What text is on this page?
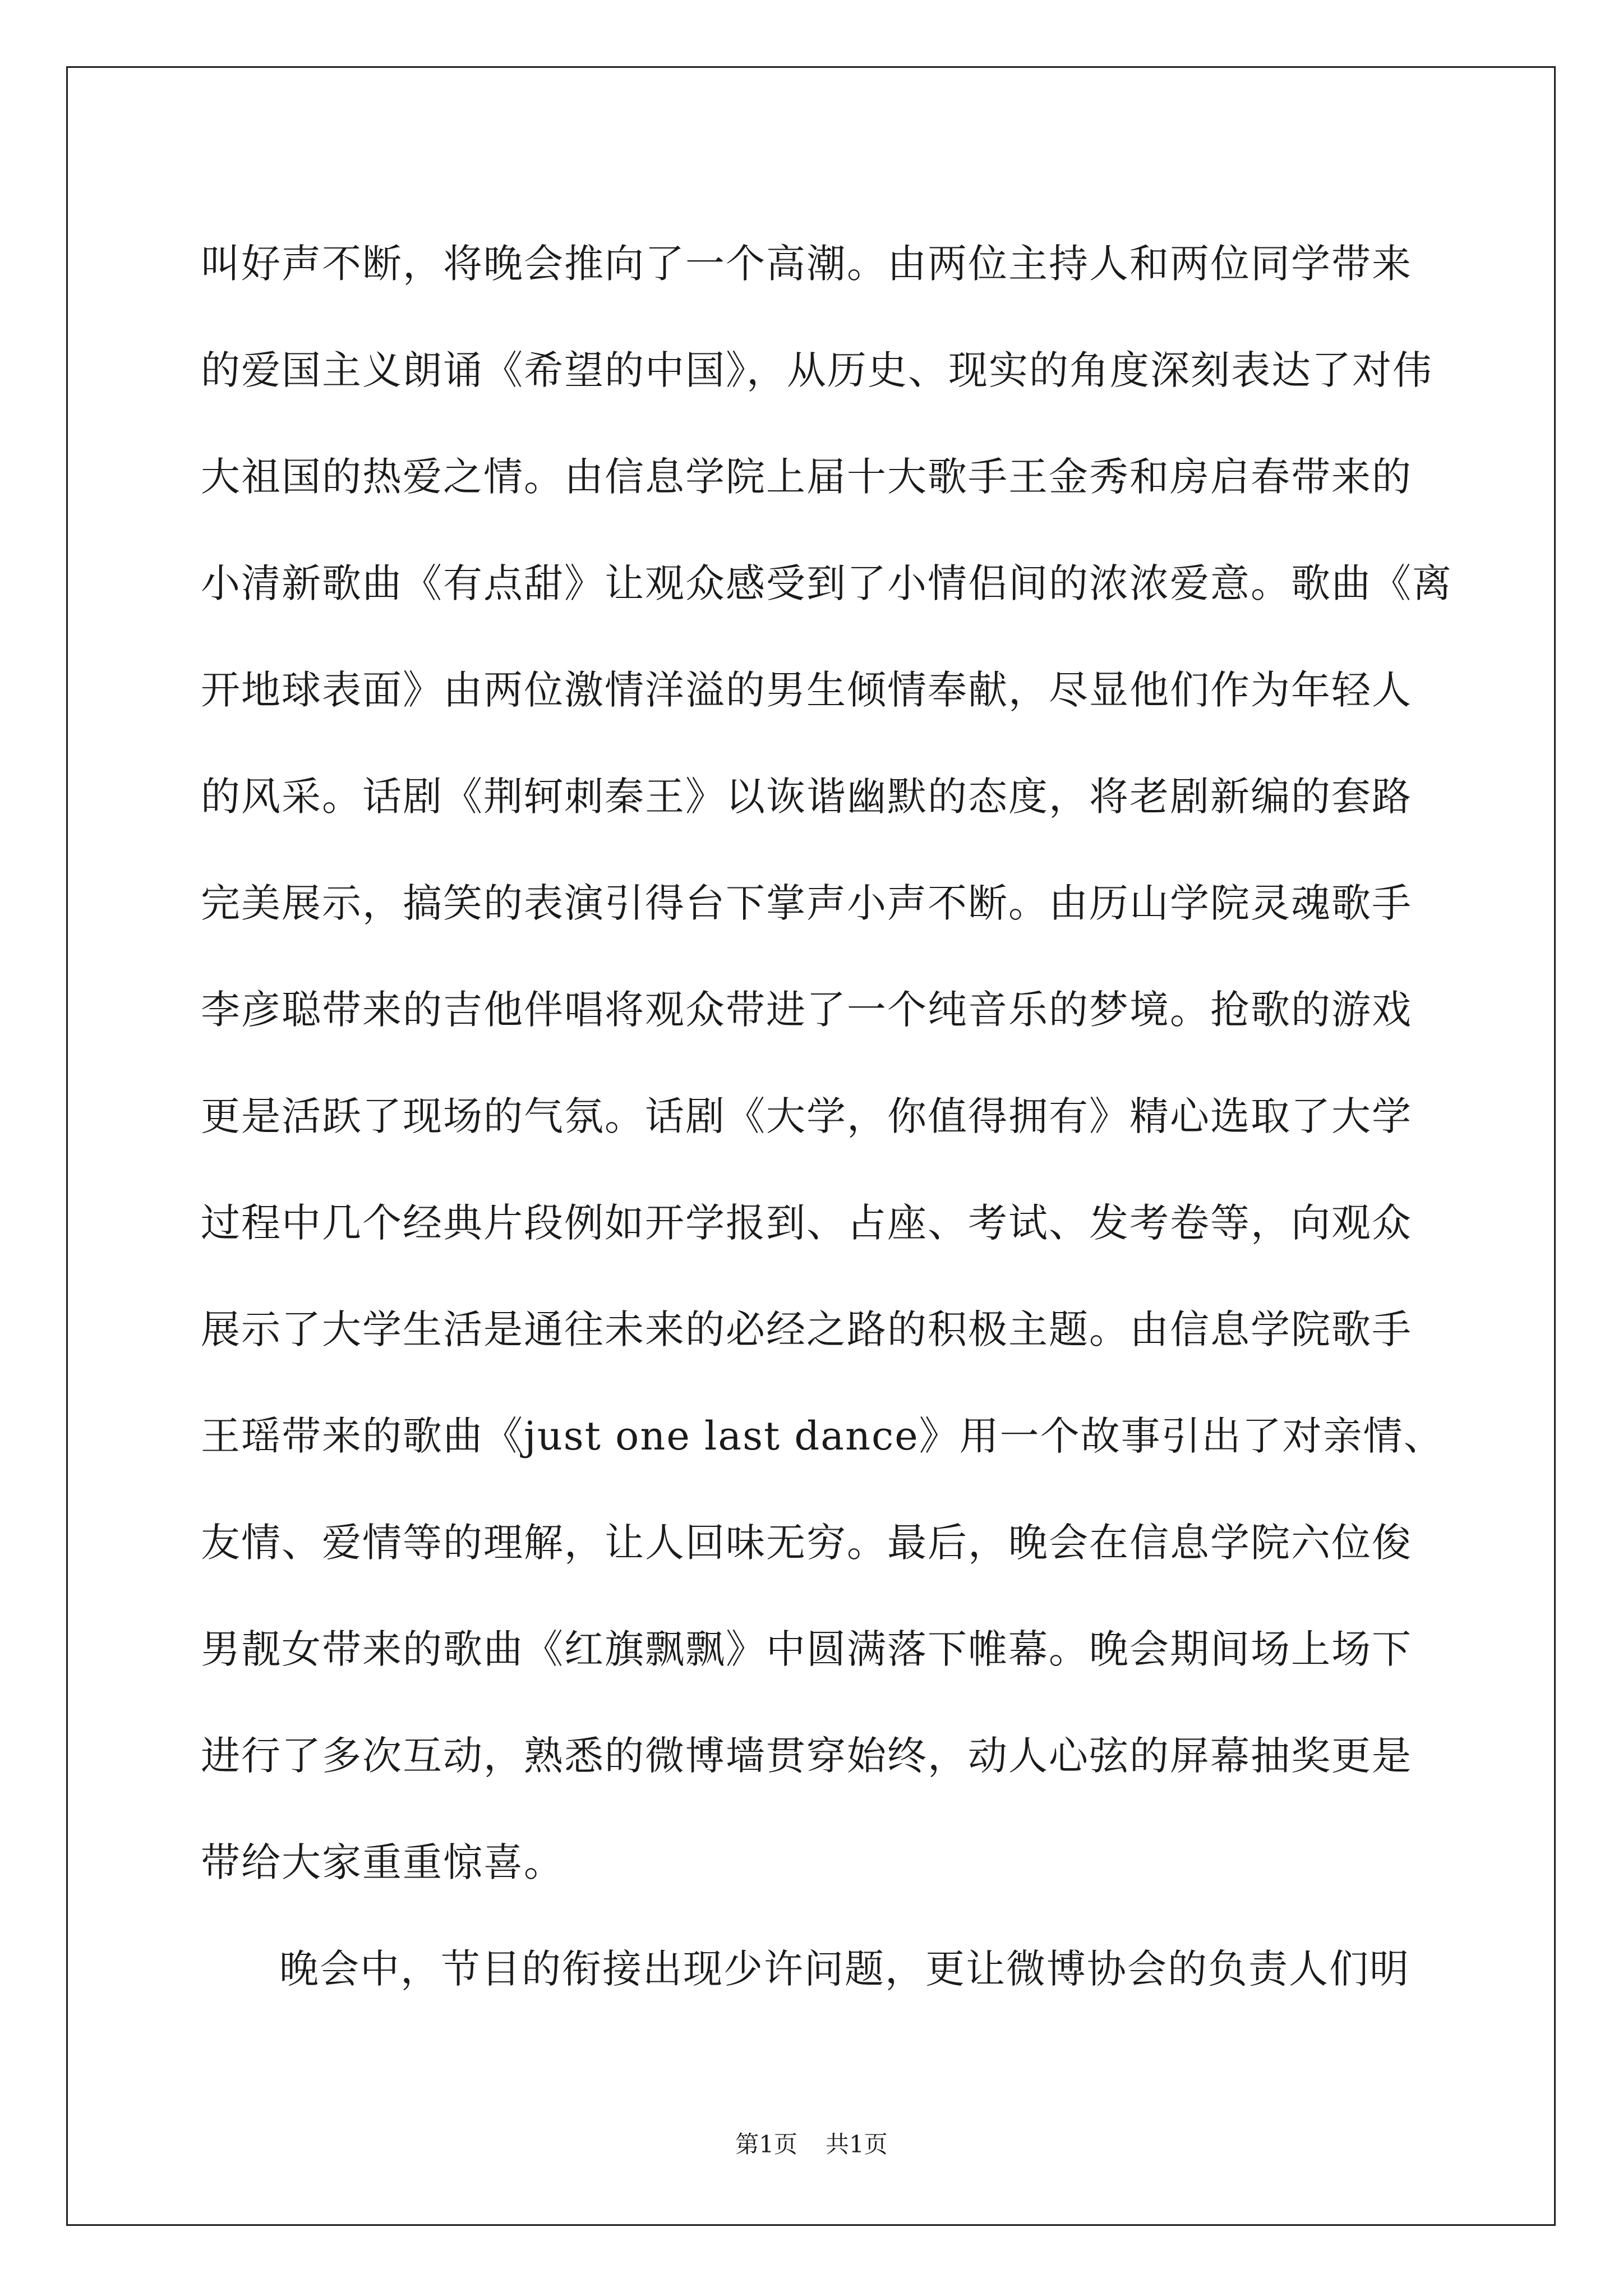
叫好声不断，将晚会推向了一个高潮。由两位主持人和两位同学带来
的爱国主义朗诵《希望的中国》，从历史、现实的角度深刻表达了对伟
大祖国的热爱之情。由信息学院上届十大歌手王金秀和房启春带来的
小清新歌曲《有点甜》让观众感受到了小情侣间的浓浓爱意。歌曲《离
开地球表面》由两位激情洋溢的男生倾情奉献，尽显他们作为年轻人
的风采。话剧《荆轲刺秦王》以诙谐幽默的态度，将老剧新编的套路
完美展示，搞笑的表演引得台下掌声小声不断。由历山学院灵魂歌手
李彦聪带来的吉他伴唱将观众带进了一个纯音乐的梦境。抢歌的游戏
更是活跃了现场的气氛。话剧《大学，你值得拥有》精心选取了大学
过程中几个经典片段例如开学报到、占座、考试、发考卷等，向观众
展示了大学生活是通往未来的必经之路的积极主题。由信息学院歌手
王瑶带来的歌曲《just one last dance》用一个故事引出了对亲情、
友情、爱情等的理解，让人回味无穷。最后，晚会在信息学院六位俊
男靓女带来的歌曲《红旗飘飘》中圆满落下帷幕。晚会期间场上场下
进行了多次互动，熟悉的微博墙贯穿始终，动人心弦的屏幕抽奖更是
带给大家重重惊喜。
晚会中，节目的衔接出现少许问题，更让微博协会的负责人们明
第1页 共1页
